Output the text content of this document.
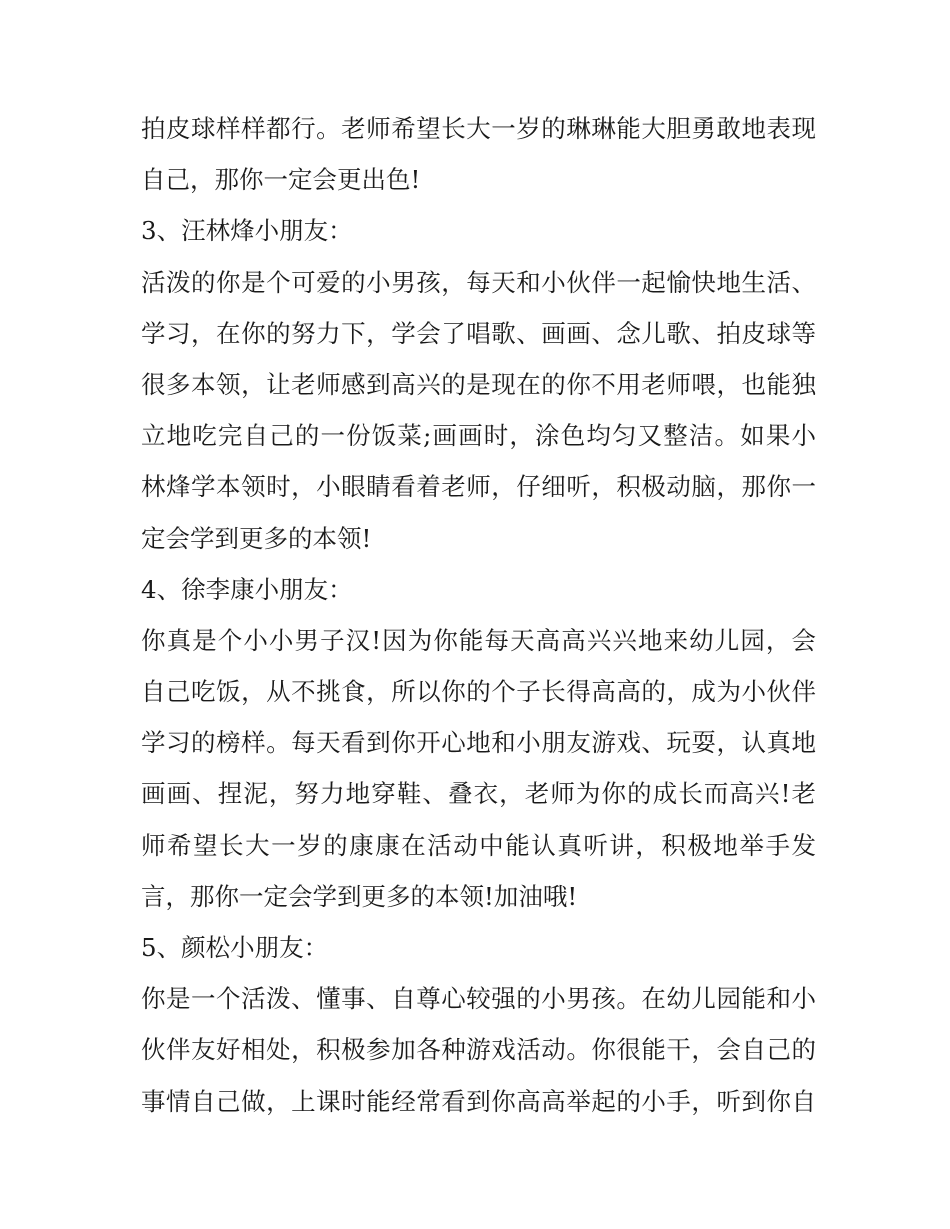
拍皮球样样都行。老师希望长大一岁的琳琳能大胆勇敢地表现
自己，那你一定会更出色!
3、汪林烽小朋友：
活泼的你是个可爱的小男孩，每天和小伙伴一起愉快地生活、
学习，在你的努力下，学会了唱歌、画画、念儿歌、拍皮球等
很多本领，让老师感到高兴的是现在的你不用老师喂，也能独
立地吃完自己的一份饭菜;画画时，涂色均匀又整洁。如果小
林烽学本领时，小眼睛看着老师，仔细听，积极动脑，那你一
定会学到更多的本领!
4、徐李康小朋友：
你真是个小小男子汉!因为你能每天高高兴兴地来幼儿园，会
自己吃饭，从不挑食，所以你的个子长得高高的，成为小伙伴
学习的榜样。每天看到你开心地和小朋友游戏、玩耍，认真地
画画、捏泥，努力地穿鞋、叠衣，老师为你的成长而高兴!老
师希望长大一岁的康康在活动中能认真听讲，积极地举手发
言，那你一定会学到更多的本领!加油哦!
5、颜松小朋友：
你是一个活泼、懂事、自尊心较强的小男孩。在幼儿园能和小
伙伴友好相处，积极参加各种游戏活动。你很能干，会自己的
事情自己做，上课时能经常看到你高高举起的小手，听到你自
